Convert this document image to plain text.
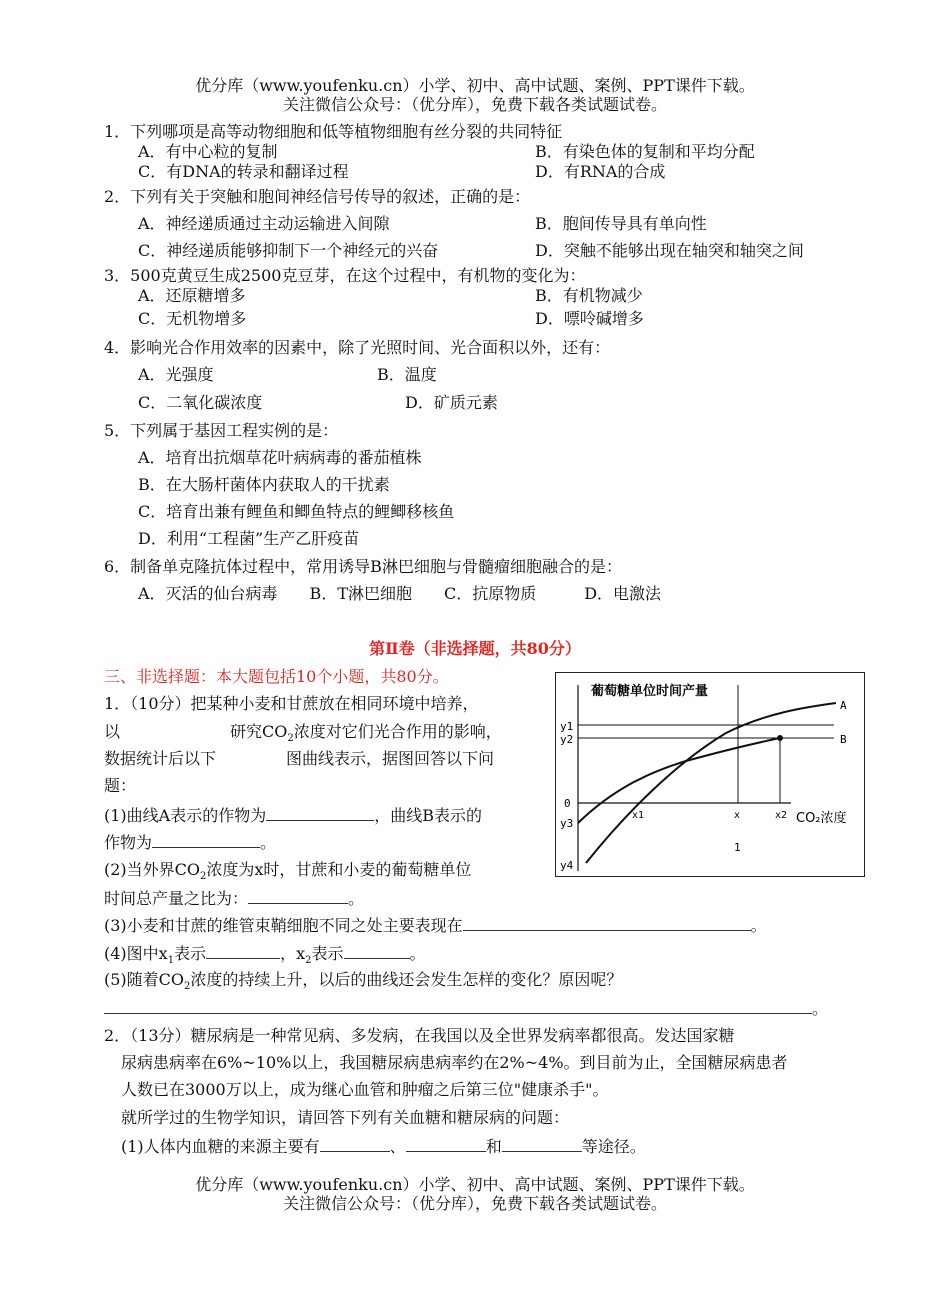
优分库（www.youfenku.cn）小学、初中、高中试题、案例、PPT课件下载。
关注微信公众号：（优分库），免费下载各类试题试卷。
1．下列哪项是高等动物细胞和低等植物细胞有丝分裂的共同特征
A．有中心粒的复制	B．有染色体的复制和平均分配
C．有DNA的转录和翻译过程	D．有RNA的合成
2．下列有关于突触和胞间神经信号传导的叙述，正确的是：
A．神经递质通过主动运输进入间隙	B．胞间传导具有单向性
C．神经递质能够抑制下一个神经元的兴奋	D．突触不能够出现在轴突和轴突之间
3．500克黄豆生成2500克豆芽，在这个过程中，有机物的变化为：
A．还原糖增多	B．有机物减少
C．无机物增多	D．嘌呤碱增多
4．影响光合作用效率的因素中，除了光照时间、光合面积以外，还有：
A．光强度	B．温度
C．二氧化碳浓度	D．矿质元素
5．下列属于基因工程实例的是：
A．培育出抗烟草花叶病病毒的番茄植株
B．在大肠杆菌体内获取人的干扰素
C．培育出兼有鲤鱼和鲫鱼特点的鲤鲫移核鱼
D．利用“工程菌”生产乙肝疫苗
6．制备单克隆抗体过程中，常用诱导B淋巴细胞与骨髓瘤细胞融合的是：
A．灭活的仙台病毒　　B．T淋巴细胞　　C．抗原物质　　　D．电激法
第Ⅱ卷（非选择题，共80分）
三、非选择题：本大题包括10个小题，共80分。
1．（10分）把某种小麦和甘蔗放在相同环境中培养，
以	研究$CO_2$浓度对它们光合作用的影响，
数据统计后以下	图曲线表示，据图回答以下问
题：
(1)曲线A表示的作物为	，曲线B表示的
作物为	。
(2)当外界$CO_2$浓度为x时，甘蔗和小麦的葡萄糖单位
时间总产量之比为：	。
(3)小麦和甘蔗的维管束鞘细胞不同之处主要表现在	。
(4)图中$x_1$表示	，$x_2$表示	。
(5)随着$CO_2$浓度的持续上升，以后的曲线还会发生怎样的变化？原因呢？
。
2．（13分）糖尿病是一种常见病、多发病，在我国以及全世界发病率都很高。发达国家糖
尿病患病率在6%~10%以上，我国糖尿病患病率约在2%~4%。到目前为止，全国糖尿病患者
人数已在3000万以上，成为继心血管和肿瘤之后第三位"健康杀手"。
就所学过的生物学知识，请回答下列有关血糖和糖尿病的问题：
(1)人体内血糖的来源主要有	、	和	等途径。
优分库（www.youfenku.cn）小学、初中、高中试题、案例、PPT课件下载。
关注微信公众号：（优分库），免费下载各类试题试卷。
葡萄糖单位时间产量
y1
y2
0
y3
y4
x1	x	x2 CO₂浓度
A
B
1
